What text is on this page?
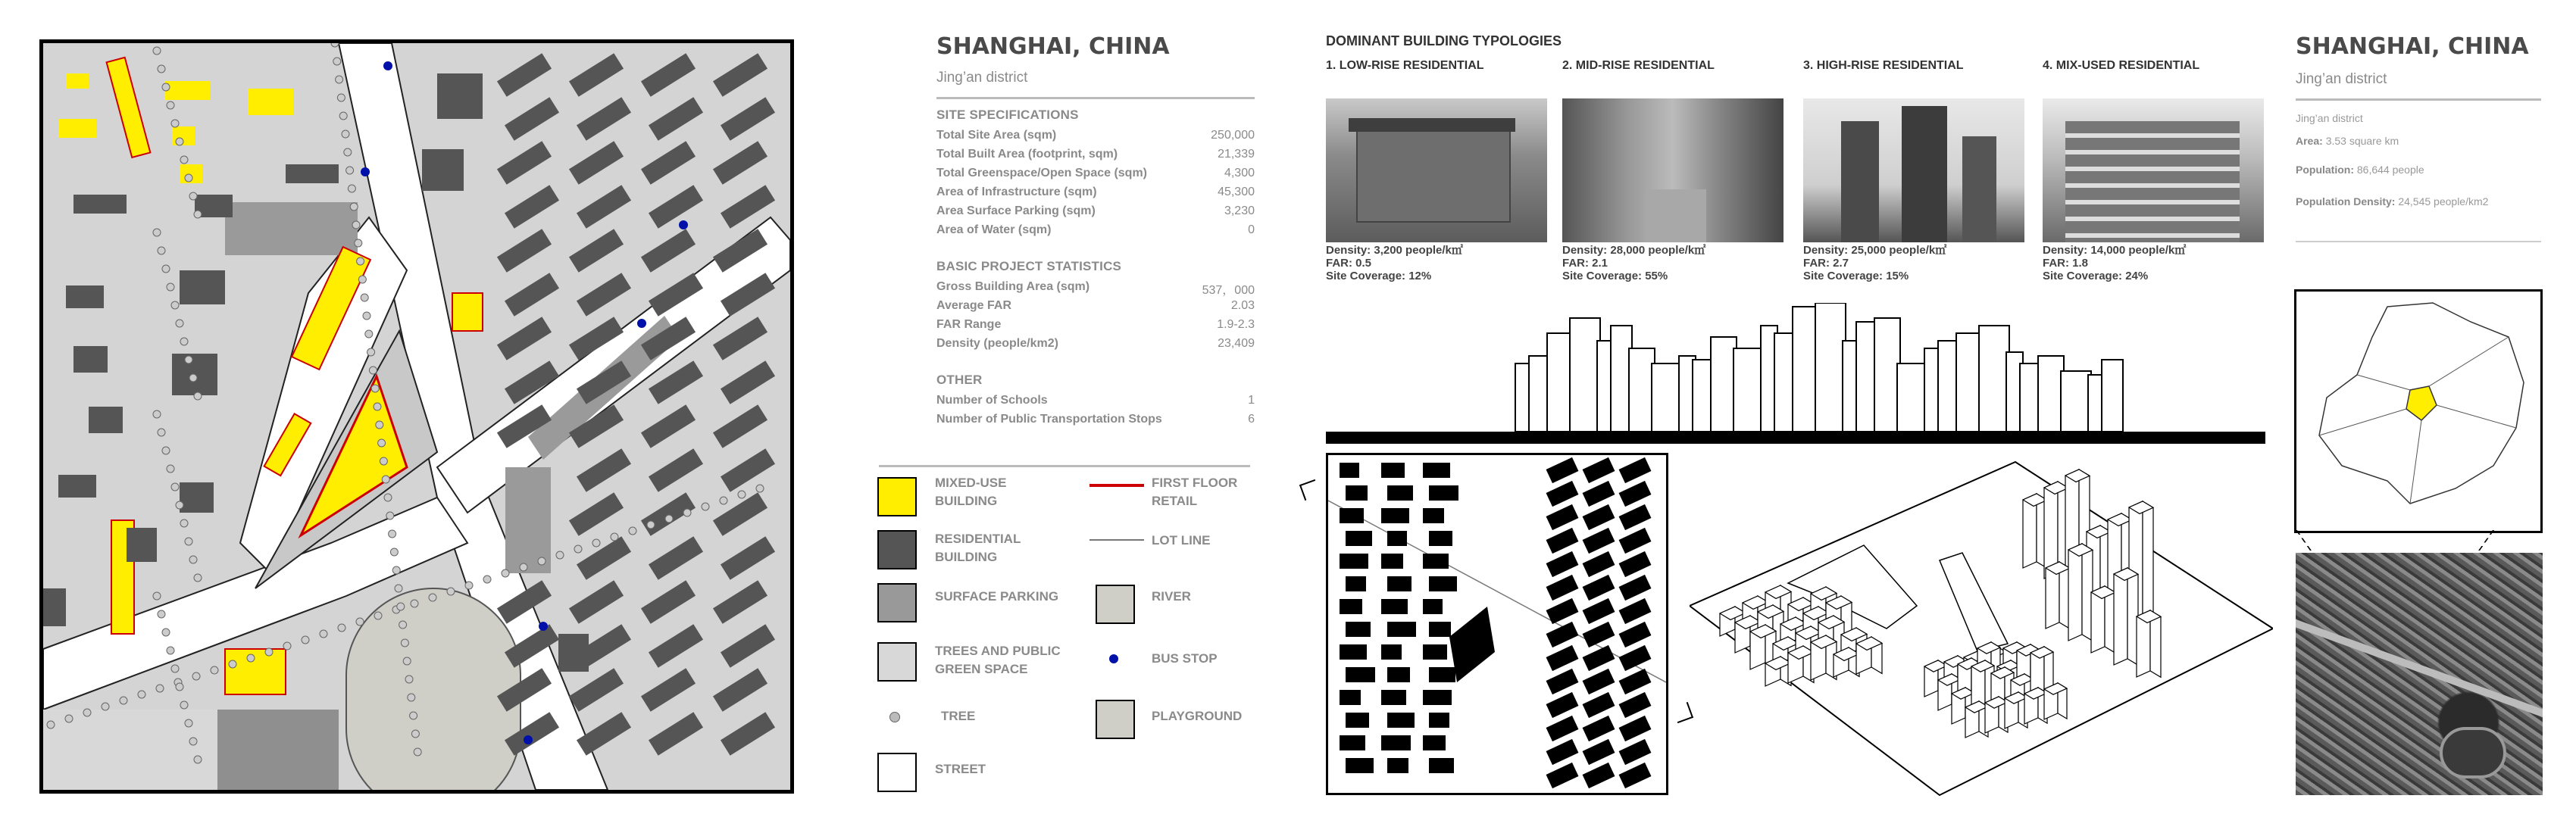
SHANGHAI, CHINA
Jing’an district
SITE SPECIFICATIONS
Total Site Area (sqm)	250,000
Total Built Area (footprint, sqm)	21,339
Total Greenspace/Open Space (sqm)	4,300
Area of Infrastructure (sqm)	45,300
Area Surface Parking (sqm)	3,230
Area of Water (sqm)	0
BASIC PROJECT STATISTICS
Gross Building Area (sqm)	537，000
Average FAR	2.03
FAR Range	1.9-2.3
Density (people/km2)	23,409
OTHER
Number of Schools	1
Number of Public Transportation Stops	6
MIXED-USE BUILDING
FIRST FLOOR RETAIL
RESIDENTIAL BUILDING
LOT LINE
SURFACE PARKING	RIVER
TREES AND PUBLIC GREEN SPACE
BUS STOP
TREE	PLAYGROUND
STREET
DOMINANT BUILDING TYPOLOGIES
1. LOW-RISE RESIDENTIAL
Density: 3,200 people/k㎡
FAR: 0.5
Site Coverage: 12%
2. MID-RISE RESIDENTIAL
Density: 28,000 people/k㎡
FAR: 2.1
Site Coverage: 55%
3. HIGH-RISE RESIDENTIAL
Density: 25,000 people/k㎡
FAR: 2.7
Site Coverage: 15%
4. MIX-USED RESIDENTIAL
Density: 14,000 people/k㎡
FAR: 1.8
Site Coverage: 24%
SHANGHAI, CHINA
Jing’an district
Jing’an district
Area: 3.53 square km
Population: 86,644 people
Population Density: 24,545 people/km2
